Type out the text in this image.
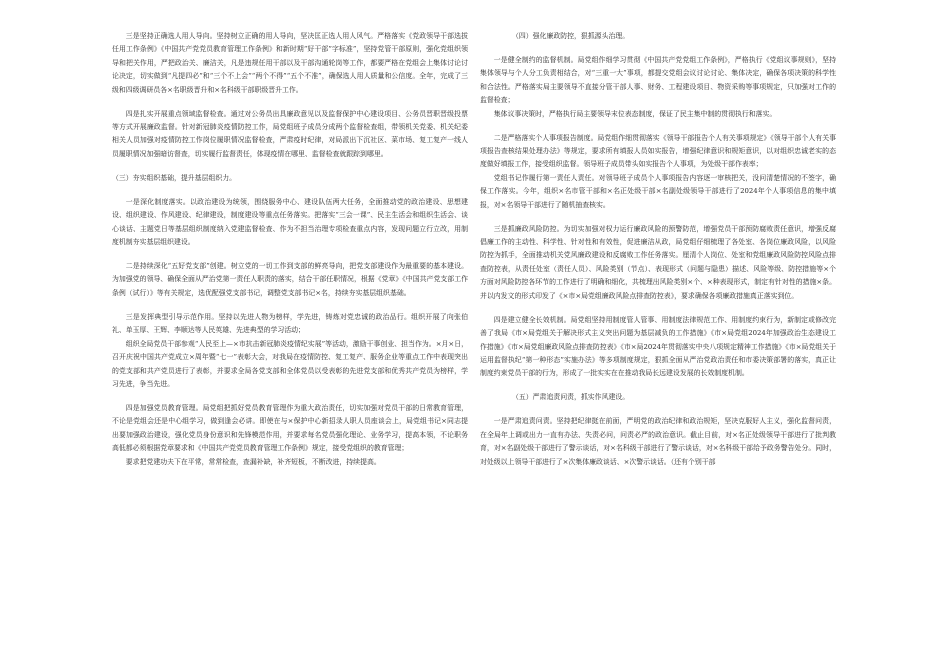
三是坚持正确选人用人导向。坚持树立正确的用人导向，坚决匡正选人用人风气。严格落实《党政领导干部选拔任用工作条例》《中国共产党党员教育管理工作条例》和新时期“好干部”字标准”，坚持党管干部原则，强化党组织领导和把关作用，严把政治关、廉洁关，凡是违规任用干部以及干部沟通轮岗等工作，都要严格在党组会上集体讨论讨论决定，切实做到“凡提四必”和“三个不上会”“两个不得”“五个不准”，确保选人用人质量和公信度。全年，完成了三级和四级调研员各×名职级晋升和×名科级干部职级晋升工作。

四是扎实开展重点领域监督检查。通过对公务员出具廉政意见以及监督保护中心建设项目、公务员晋职晋级投票等方式开展廉政监督。针对新冠肺炎疫情防控工作，局党组班子成员分成两个监督检查组，带领机关党委、机关纪委相关人员加强对疫情防控工作岗位履职情况监督检查，严肃疫时纪律，对局派出下沉社区、菜市场、复工复产一线人员履职情况加强暗访督查，切实履行监督责任，体现疫情在哪里、监督检查就跟踪到哪里。

（三）夯实组织基础，提升基层组织力。

一是深化制度落实。以政治建设为统领，围绕服务中心、建设队伍两大任务，全面推动党的政治建设、思想建设、组织建设、作风建设、纪律建设，制度建设等重点任务落实。把落实“三会一课”、民主生活会和组织生活会、谈心谈话、主题党日等基层组织制度纳入党建监督检查、作为不担当治理专项检查重点内容，发现问题立行立改，用制度机制夯实基层组织建设。

二是持续深化“五好党支部”创建。树立党的一切工作到支部的鲜亮导向，把党支部建设作为最重要的基本建设。为加强党的领导、确保全面从严治党第一责任人职责的落实，结合干部任职情况，根据《党章》《中国共产党支部工作条例（试行）》等有关规定，选优配强党支部书记，调整党支部书记×名，持续夯实基层组织基础。

三是发挥典型引导示范作用。坚持以先进人物为榜样，学先进，铸炼对党忠诚的政治品行。组织开展了向张伯礼、单玉厚、王辉、李顺达等人民英雄、先进典型的学习活动；
组织全局党员干部参观“人民至上—×市抗击新冠肺炎疫情纪实展”等活动，激励干事创业、担当作为。×月×日，召开庆祝中国共产党成立×周年暨“七一”表彰大会，对我局在疫情防控、复工复产、服务企业等重点工作中表现突出的党支部和共产党员进行了表彰，并要求全局各党支部和全体党员以受表彰的先进党支部和优秀共产党员为榜样，学习先进，争当先进。

四是加强党员教育管理。局党组把抓好党员教育管理作为重大政治责任，切实加强对党员干部的日常教育管理，不论是党组会还是中心组学习，做到逢会必讲。即使在与×保护中心新招录人职人员座谈会上，局党组书记×同志提出要加强政治建设，强化党员身份意识和先锋模范作用，并要求每名党员强化理论、业务学习，提高本领，不论职务高低都必须根据党章要求和《中国共产党党员教育管理工作条例》规定，接受党组织的教育管理；
要求把党建功夫下在平常，常常检查，查漏补缺，补齐短板，不断改进，持续提高。

（四）强化廉政防控，狠抓源头治理。

一是健全制约的监督机制。局党组作细学习贯彻《中国共产党党组工作条例》，严格执行《党组议事规则》，坚持集体领导与个人分工负责相结合，对“三重一大”事项，都提交党组会议讨论讨论、集体决定，确保各项决策的科学性和合法性。严格落实局主要领导不直接分管干部人事、财务、工程建设项目、物资采购等事项规定，只加强对工作的监督检查；
集体议事决策时，严格执行局主要领导末位表态制度，保证了民主集中制的贯彻执行和落实。

二是严格落实个人事项报告制度。局党组作细贯彻落实《领导干部报告个人有关事项规定》《领导干部个人有关事项报告查核结果处理办法》等规定，要求所有填报人员如实报告，增强纪律意识和规矩意识，以对组织忠诚老实的态度做好填报工作，接受组织监督。领导班子成员带头如实报告个人事项，为处级干部作表率；
党组书记作履行第一责任人责任。对领导班子成员个人事项报告内容逐一审核把关，没问清楚情况的不签字，确保工作落实。今年，组织×名市管干部和×名正处级干部×名副处级领导干部进行了2024年个人事项信息的集中填报，对×名领导干部进行了随机抽查核实。

三是抓廉政风险防控。为切实加强对权力运行廉政风险的预警防范，增强党员干部预防腐败责任意识，增强反腐倡廉工作的主动性、科学性、针对性和有效性，促进廉洁从政，局党组仔细梳理了各处室、各岗位廉政风险，以风险防控为抓手，全面推动机关党风廉政建设和反腐败工作任务落实。厘清个人岗位、处室和党组廉政风险防控风险点排查防控表，从责任处室（责任人员）、风险类别（节点）、表现形式（问题与隐患）描述、风险等级、防控措施等×个方面对风险防控各环节的工作进行了明确和细化，共梳理出风险类别×个、×种表现形式，制定有针对性的措施×条。并以内发文的形式印发了《×市×局党组廉政风险点排查防控表》，要求确保各项廉政措施真正落实到位。

四是建立健全长效机制。局党组坚持用制度管人管事、用制度法律规范工作、用制度约束行为，新制定或修改完善了我局《市×局党组关于解决形式主义突出问题为基层减负的工作措施》《市×局党组2024年加强政治生态建设工作措施》《市×局党组廉政风险点排查防控表》《市×局2024年贯彻落实中央八项规定精神工作措施》《市×局党组关于运用监督执纪“第一种形态”实施办法》等多项制度规定，狠抓全面从严治党政治责任和市委决策部署的落实，真正让制度约束党员干部的行为，形成了一批实实在在推动我局长远建设发展的长效制度机制。

（五）严肃追责问责，抓实作风建设。

一是严肃追责问责。坚持把纪律挺在前面，严明党的政治纪律和政治规矩，坚决克服好人主义，强化监督问责，在全局年上调或出力一直有办法、失责必问，问责必严的政治意识。截止目前，对×名正处级领导干部进行了批判教育，对×名副处级干部进行了警示谈话，对×名科级干部进行了警示谈话，对×名科级干部给予政务警告处分。同时，对处级以上领导干部进行了×次集体廉政谈话、×次警示谈话。（还有个别干部
